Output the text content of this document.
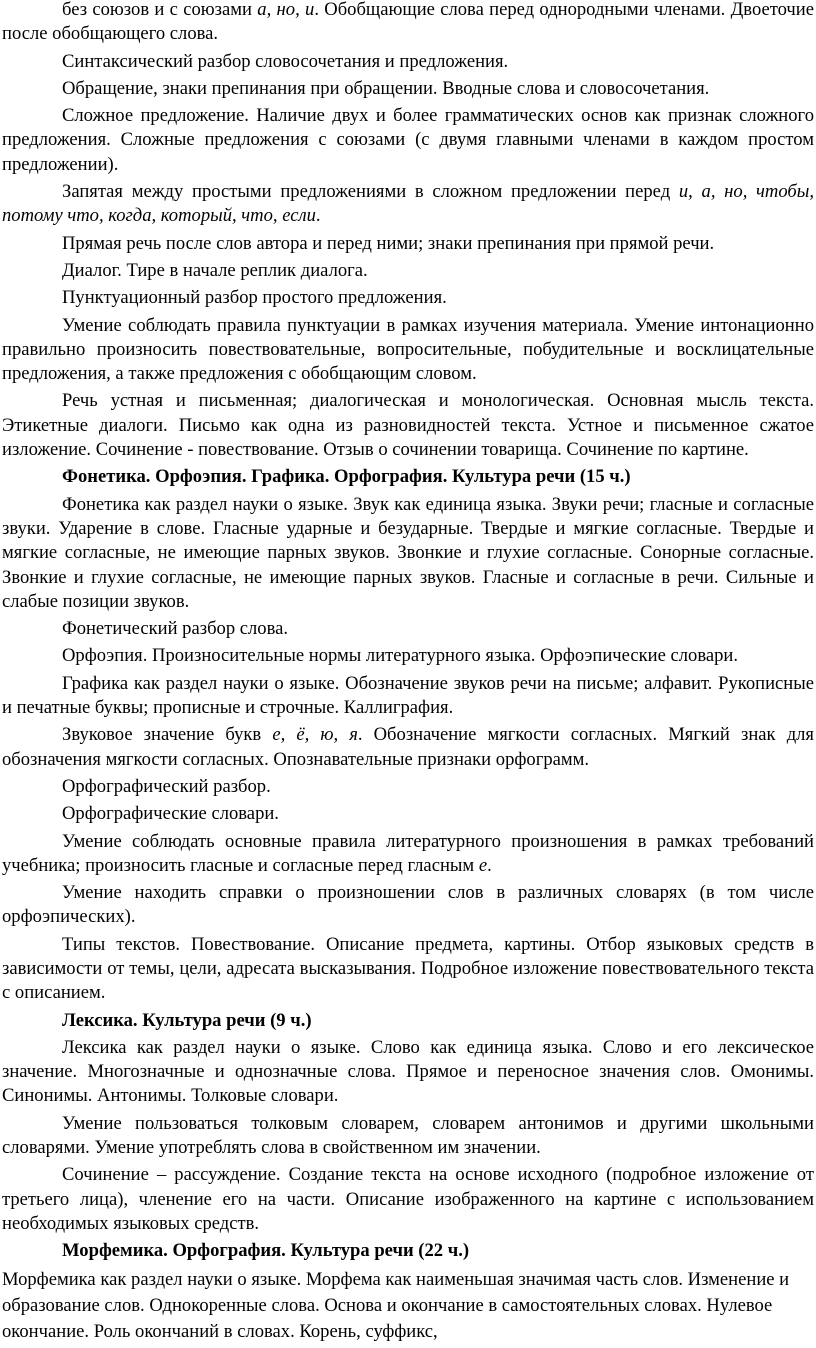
без союзов и с союзами а, но, и. Обобщающие слова перед однородными членами. Двоеточие после обобщающего слова.

Синтаксический разбор словосочетания и предложения.

Обращение, знаки препинания при обращении. Вводные слова и словосочетания.

Сложное предложение. Наличие двух и более грамматических основ как признак сложного предложения. Сложные предложения с союзами (с двумя главными членами в каждом простом предложении).

Запятая между простыми предложениями в сложном предложении перед и, а, но, чтобы, потому что, когда, который, что, если.

Прямая речь после слов автора и перед ними; знаки препинания при прямой речи.

Диалог. Тире в начале реплик диалога.

Пунктуационный разбор простого предложения.

Умение соблюдать правила пунктуации в рамках изучения материала. Умение интонационно правильно произносить повествовательные, вопросительные, побудительные и восклицательные предложения, а также предложения с обобщающим словом.

Речь устная и письменная; диалогическая и монологическая. Основная мысль текста. Этикетные диалоги. Письмо как одна из разновидностей текста. Устное и письменное сжатое изложение. Сочинение - повествование. Отзыв о сочинении товарища. Сочинение по картине.

Фонетика. Орфоэпия. Графика. Орфография. Культура речи (15 ч.)

Фонетика как раздел науки о языке. Звук как единица языка. Звуки речи; гласные и согласные звуки. Ударение в слове. Гласные ударные и безударные. Твердые и мягкие согласные. Твердые и мягкие согласные, не имеющие парных звуков. Звонкие и глухие согласные. Сонорные согласные. Звонкие и глухие согласные, не имеющие парных звуков. Гласные и согласные в речи. Сильные и слабые позиции звуков.

Фонетический разбор слова.

Орфоэпия. Произносительные нормы литературного языка. Орфоэпические словари.

Графика как раздел науки о языке. Обозначение звуков речи на письме; алфавит. Рукописные и печатные буквы; прописные и строчные. Каллиграфия.

Звуковое значение букв е, ё, ю, я. Обозначение мягкости согласных. Мягкий знак для обозначения мягкости согласных. Опознавательные признаки орфограмм.

Орфографический разбор.

Орфографические словари.

Умение соблюдать основные правила литературного произношения в рамках требований учебника; произносить гласные и согласные перед гласным е.

Умение находить справки о произношении слов в различных словарях (в том числе орфоэпических).

Типы текстов. Повествование. Описание предмета, картины. Отбор языковых средств в зависимости от темы, цели, адресата высказывания. Подробное изложение повествовательного текста с описанием.

Лексика. Культура речи (9 ч.)

Лексика как раздел науки о языке. Слово как единица языка. Слово и его лексическое значение. Многозначные и однозначные слова. Прямое и переносное значения слов. Омонимы. Синонимы. Антонимы. Толковые словари.

Умение пользоваться толковым словарем, словарем антонимов и другими школьными словарями. Умение употреблять слова в свойственном им значении.

Сочинение – рассуждение. Создание текста на основе исходного (подробное изложение от третьего лица), членение его на части. Описание изображенного на картине с использованием необходимых языковых средств.

Морфемика. Орфография. Культура речи (22 ч.)

Морфемика как раздел науки о языке. Морфема как наименьшая значимая часть слов. Изменение и образование слов. Однокоренные слова. Основа и окончание в самостоятельных словах. Нулевое окончание. Роль окончаний в словах. Корень, суффикс,
